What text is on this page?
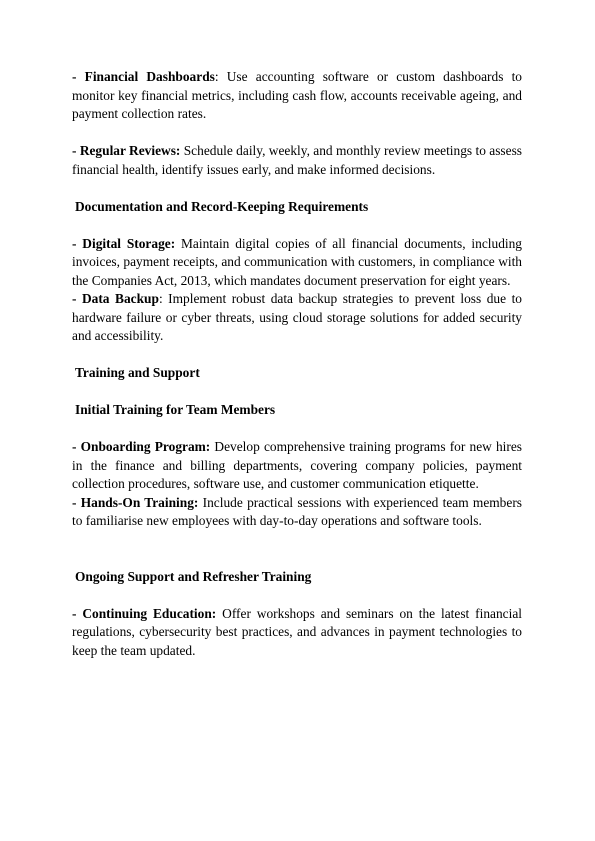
- Financial Dashboards: Use accounting software or custom dashboards to monitor key financial metrics, including cash flow, accounts receivable ageing, and payment collection rates.

- Regular Reviews: Schedule daily, weekly, and monthly review meetings to assess financial health, identify issues early, and make informed decisions.

Documentation and Record-Keeping Requirements

- Digital Storage: Maintain digital copies of all financial documents, including invoices, payment receipts, and communication with customers, in compliance with the Companies Act, 2013, which mandates document preservation for eight years.

- Data Backup: Implement robust data backup strategies to prevent loss due to hardware failure or cyber threats, using cloud storage solutions for added security and accessibility.

Training and Support

Initial Training for Team Members

- Onboarding Program: Develop comprehensive training programs for new hires in the finance and billing departments, covering company policies, payment collection procedures, software use, and customer communication etiquette.

- Hands-On Training: Include practical sessions with experienced team members to familiarise new employees with day-to-day operations and software tools.

Ongoing Support and Refresher Training

- Continuing Education: Offer workshops and seminars on the latest financial regulations, cybersecurity best practices, and advances in payment technologies to keep the team updated.
